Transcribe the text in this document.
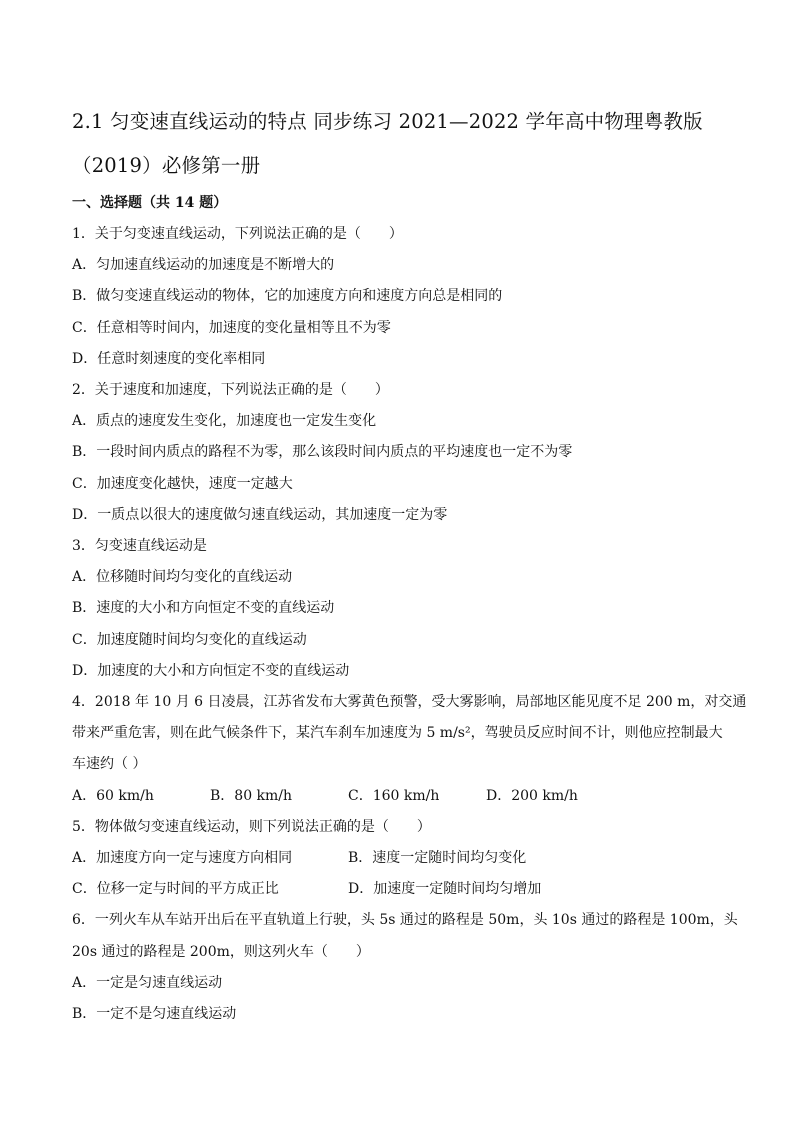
2.1 匀变速直线运动的特点 同步练习 2021—2022 学年高中物理粤教版
（2019）必修第一册

一、选择题（共 14 题）

1．关于匀变速直线运动，下列说法正确的是（　　）

A．匀加速直线运动的加速度是不断增大的

B．做匀变速直线运动的物体，它的加速度方向和速度方向总是相同的

C．任意相等时间内，加速度的变化量相等且不为零

D．任意时刻速度的变化率相同

2．关于速度和加速度，下列说法正确的是（　　）

A．质点的速度发生变化，加速度也一定发生变化

B．一段时间内质点的路程不为零，那么该段时间内质点的平均速度也一定不为零

C．加速度变化越快，速度一定越大

D．一质点以很大的速度做匀速直线运动，其加速度一定为零

3．匀变速直线运动是

A．位移随时间均匀变化的直线运动

B．速度的大小和方向恒定不变的直线运动

C．加速度随时间均匀变化的直线运动

D．加速度的大小和方向恒定不变的直线运动

4．2018 年 10 月 6 日凌晨，江苏省发布大雾黄色预警，受大雾影响，局部地区能见度不足 200 m，对交通

带来严重危害，则在此气候条件下，某汽车刹车加速度为 5 m/s²，驾驶员反应时间不计，则他应控制最大

车速约（ ）

A．60 km/h	B．80 km/h	C．160 km/h	D．200 km/h

5．物体做匀变速直线运动，则下列说法正确的是（　　）

A．加速度方向一定与速度方向相同	B．速度一定随时间均匀变化
C．位移一定与时间的平方成正比	D．加速度一定随时间均匀增加

6．一列火车从车站开出后在平直轨道上行驶，头 5s 通过的路程是 50m，头 10s 通过的路程是 100m，头

20s 通过的路程是 200m，则这列火车（　　）

A．一定是匀速直线运动

B．一定不是匀速直线运动
